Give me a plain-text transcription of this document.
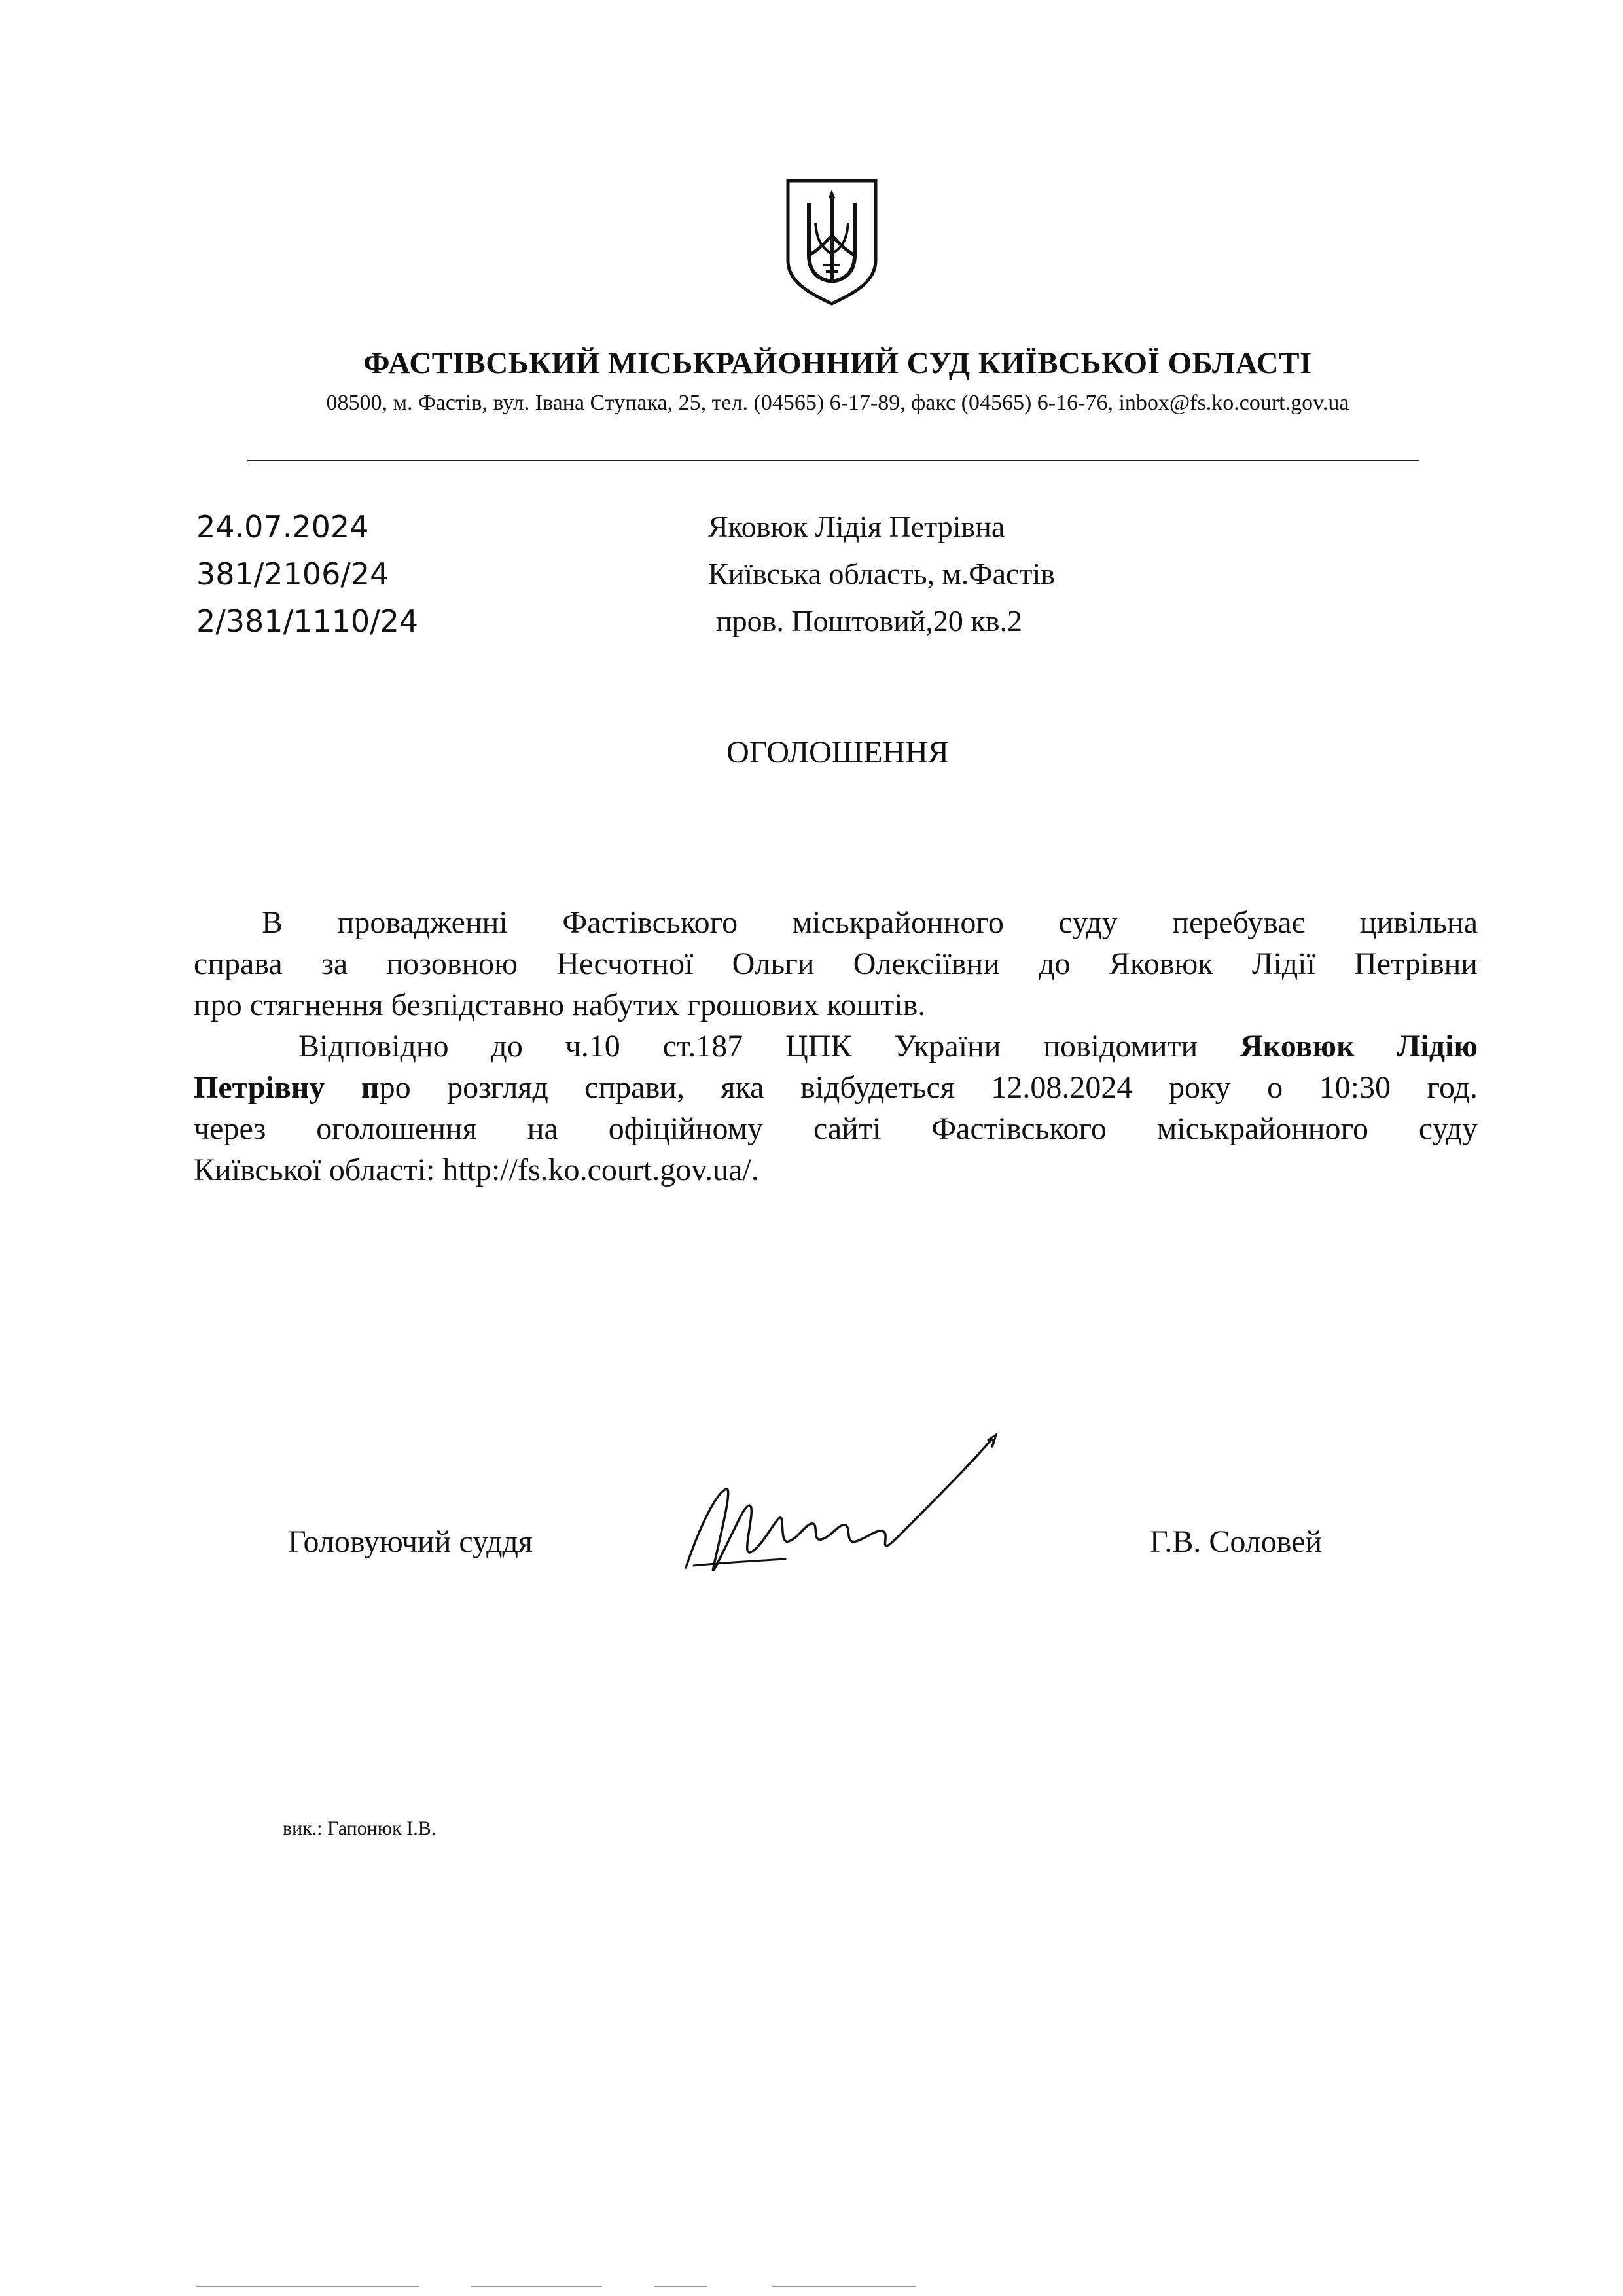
ФАСТІВСЬКИЙ МІСЬКРАЙОННИЙ СУД КИЇВСЬКОЇ ОБЛАСТІ
08500, м. Фастів, вул. Івана Ступака, 25, тел. (04565) 6-17-89, факс (04565) 6-16-76, inbox@fs.ko.court.gov.ua
24.07.2024
381/2106/24
2/381/1110/24
Яковюк Лідія Петрівна
Київська область, м.Фастів
пров. Поштовий,20 кв.2
ОГОЛОШЕННЯ
В провадженні Фастівського міськрайонного суду перебуває цивільна
справа за позовною Несчотної Ольги Олексіївни до Яковюк Лідії Петрівни
про стягнення безпідставно набутих грошових коштів.
Відповідно до ч.10 ст.187 ЦПК України повідомити Яковюк Лідію
Петрівну про розгляд справи, яка відбудеться 12.08.2024 року о 10:30 год.
через оголошення на офіційному сайті Фастівського міськрайонного суду
Київської області: http://fs.ko.court.gov.ua/.
Головуючий суддя	Г.В. Соловей
вик.: Гапонюк І.В.
